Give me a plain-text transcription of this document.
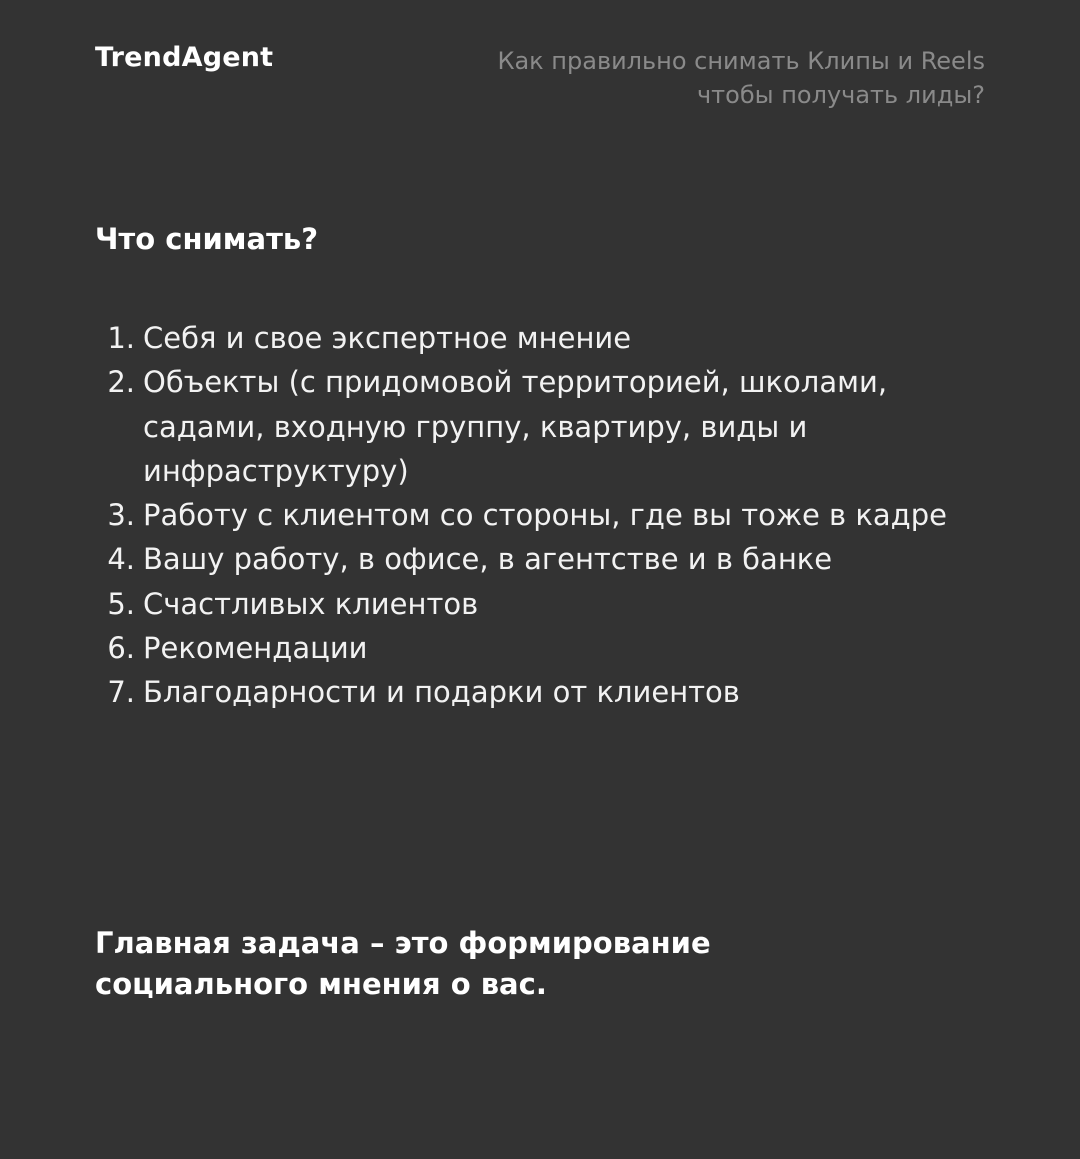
TrendAgent	Как правильно снимать Клипы и Reels
чтобы получать лиды?
Что снимать?
1. Себя и свое экспертное мнение
2. Объекты (с придомовой территорией, школами, садами, входную группу, квартиру, виды и инфраструктуру)
3. Работу с клиентом со стороны, где вы тоже в кадре
4. Вашу работу, в офисе, в агентстве и в банке
5. Счастливых клиентов
6. Рекомендации
7. Благодарности и подарки от клиентов

Главная задача – это формирование
социального мнения о вас.
